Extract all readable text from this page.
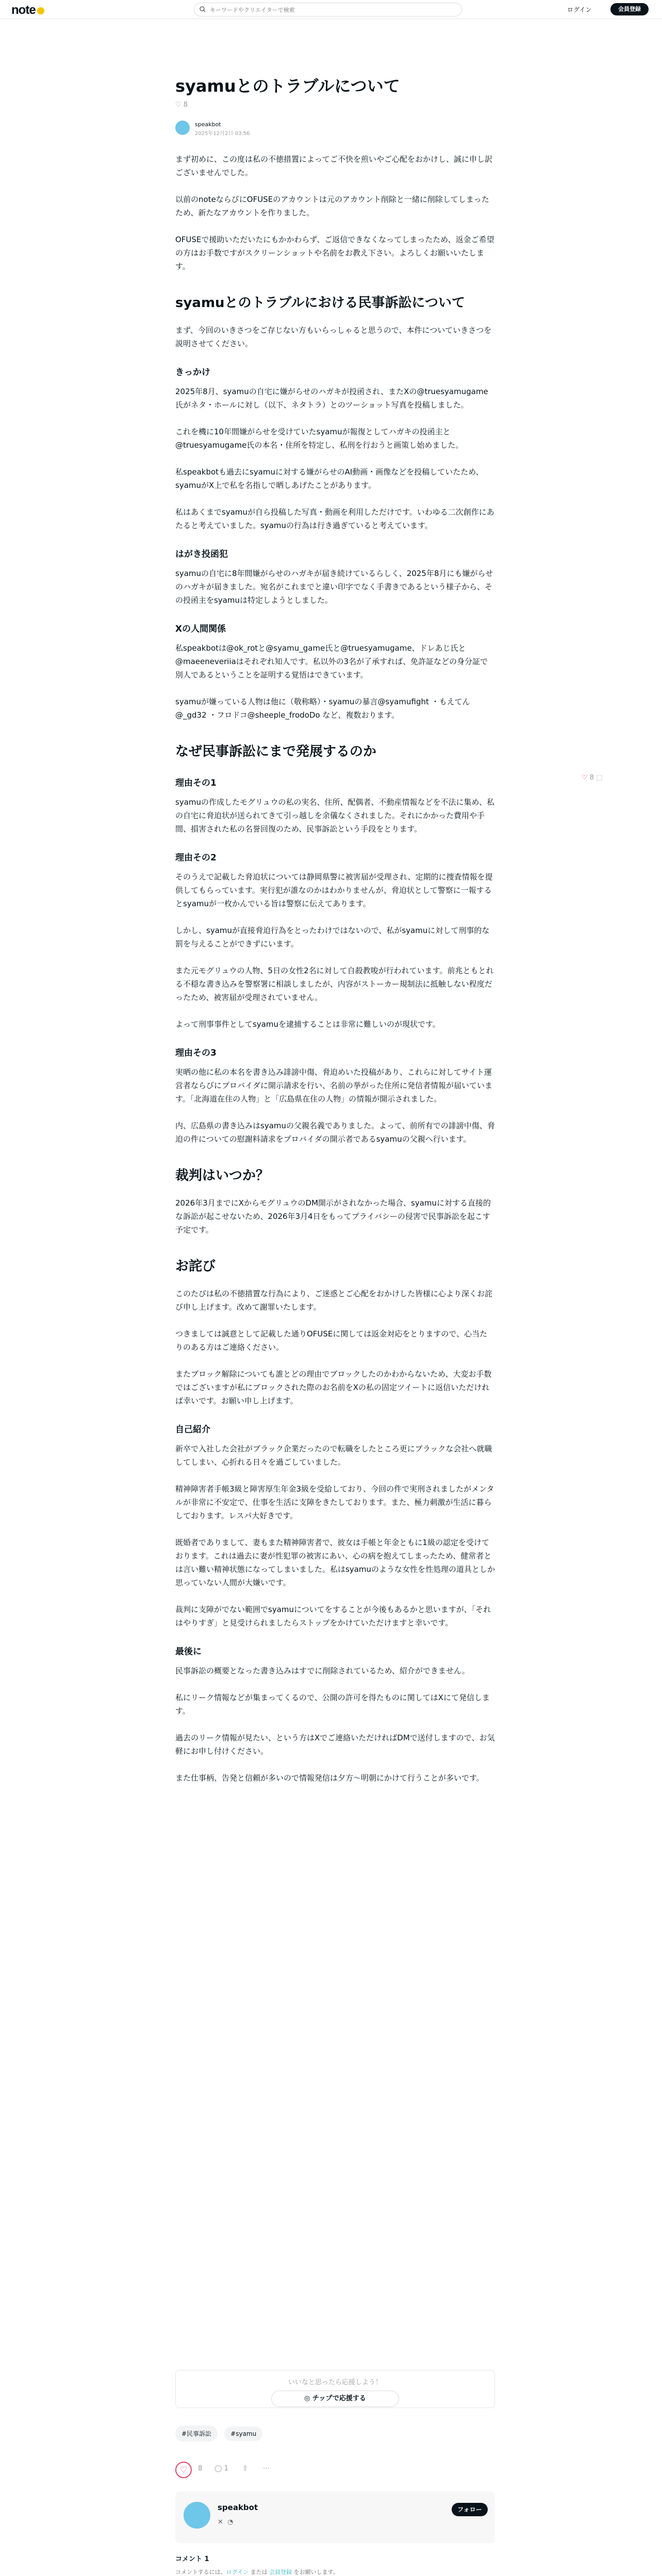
note
キーワードやクリエイターで検索	ログイン	会員登録
syamuとのトラブルについて
♡ 8
speakbot
2025年12月2日 03:56

まず初めに、この度は私の不徳措置によってご不快を煎いやご心配をおかけし、誠に申し訳ございませんでした。

以前のnoteならびにOFUSEのアカウントは元のアカウント削除と一緒に削除してしまったため、新たなアカウントを作りました。

OFUSEで援助いただいたにもかかわらず、ご返信できなくなってしまったため、返金ご希望の方はお手数ですがスクリーンショットや名前をお教え下さい。よろしくお願いいたします。

syamuとのトラブルにおける民事訴訟について

まず、今回のいきさつをご存じない方もいらっしゃると思うので、本件についていきさつを説明させてください。

きっかけ

2025年8月、syamuの自宅に嫌がらせのハガキが投函され、またXの@truesyamugame氏がネタ・ホールに対し（以下、ネタトラ）とのツーショット写真を投稿しました。

これを機に10年間嫌がらせを受けていたsyamuが報復としてハガキの投函主と@truesyamugame氏の本名・住所を特定し、私刑を行おうと画策し始めました。

私speakbotも過去にsyamuに対する嫌がらせのAI動画・画像などを投稿していたため、syamuがX上で私を名指しで晒しあげたことがあります。

私はあくまでsyamuが自ら投稿した写真・動画を利用しただけです。いわゆる二次創作にあたると考えていました。syamuの行為は行き過ぎていると考えています。

はがき投函犯

syamuの自宅に8年間嫌がらせのハガキが届き続けているらしく、2025年8月にも嫌がらせのハガキが届きました。宛名がこれまでと違い印字でなく手書きであるという様子から、その投函主をsyamuは特定しようとしました。

Xの人間関係

私speakbotは@ok_rotと@syamu_game氏と@truesyamugame、ドレあじ氏と@maeeneveriiaはそれぞれ知人です。私以外の3名が了承すれば、免許証などの身分証で別人であるということを証明する覚悟はできています。

syamuが嫌っている人物は他に（敬称略）・syamuの暴言@syamufight ・もえてん@_gd32 ・フロドコ@sheeple_frodoDo など、複数おります。

なぜ民事訴訟にまで発展するのか
理由その1

syamuの作成したモグリュウの私の実名、住所、配偶者、不動産情報などを不法に集め、私の自宅に脅迫状が送られてきて引っ越しを余儀なくされました。それにかかった費用や手間、損害された私の名誉回復のため、民事訴訟という手段をとります。

理由その2

そのうえで記載した脅迫状については静岡県警に被害届が受理され、定期的に捜査情報を提供してもらっています。実行犯が誰なのかはわかりませんが、脅迫状として警察に一報するとsyamuが一枚かんでいる旨は警察に伝えてあります。

しかし、syamuが直接脅迫行為をとったわけではないので、私がsyamuに対して刑事的な罰を与えることができずにいます。

また元モグリュウの人物、5日の女性2名に対して自殺教唆が行われています。前兆ともとれる不穏な書き込みを警察署に相談しましたが、内容がストーカー規制法に抵触しない程度だったため、被害届が受理されていません。

よって刑事事件としてsyamuを逮捕することは非常に難しいのが現状です。

理由その3

実晒の他に私の本名を書き込み誹謗中傷、脅迫めいた投稿があり、これらに対してサイト運営者ならびにプロバイダに開示請求を行い、名前の挙がった住所に発信者情報が届いています。「北海道在住の人物」と「広島県在住の人物」の情報が開示されました。

内、広島県の書き込みはsyamuの父親名義でありました。よって、前所有での誹謗中傷、脅迫の件についての慰謝料請求をプロバイダの開示者であるsyamuの父親へ行います。

裁判はいつか？

2026年3月までにXからモグリュウのDM開示がされなかった場合、syamuに対する直接的な訴訟が起こせないため、2026年3月4日をもってプライバシーの侵害で民事訴訟を起こす予定です。

お詫び

このたびは私の不徳措置な行為により、ご迷惑とご心配をおかけした皆様に心より深くお詫び申し上げます。改めて謝罪いたします。

つきましては誠意として記載した通りOFUSEに関しては返金対応をとりますので、心当たりのある方はご連絡ください。

またブロック解除についても誰とどの理由でブロックしたのかわからないため、大変お手数ではございますが私にブロックされた際のお名前をXの私の固定ツイートに返信いただければ幸いです。お願い申し上げます。

自己紹介

新卒で入社した会社がブラック企業だったので転職をしたところ更にブラックな会社へ就職してしまい、心折れる日々を過ごしていました。

精神障害者手帳3級と障害厚生年金3級を受給しており、今回の件で実刑されましたがメンタルが非常に不安定で、仕事を生活に支障をきたしております。また、極力刺激が生活に暮らしております。レスパ大好きです。

既婚者でありまして、妻もまた精神障害者で、彼女は手帳と年金ともに1級の認定を受けております。これは過去に妻が性犯罪の被害にあい、心の病を抱えてしまったため、健常者とは言い難い精神状態になってしまいました。私はsyamuのような女性を性処理の道具としか思っていない人間が大嫌いです。

裁判に支障がでない範囲でsyamuについてをすることが今後もあるかと思いますが、「それはやりすぎ」と見受けられましたらストップをかけていただけますと幸いです。

最後に

民事訴訟の概要となった書き込みはすでに削除されているため、紹介ができません。

私にリーク情報などが集まってくるので、公開の許可を得たものに関してはXにて発信します。

過去のリーク情報が見たい、という方はXでご連絡いただければDMで送付しますので、お気軽にお申し付けください。

また仕事柄、告発と信頼が多いので情報発信は夕方〜明朝にかけて行うことが多いです。

♡ 8 ⬚
いいなと思ったら応援しよう！
◎ チップで応援する
#民事訴訟	#syamu
♡	8 ◯ 1 ⇪ ⋯
speakbot
✕ ◔
フォロー
コメント 1
コメントするには、ログイン または 会員登録 をお願いします。
